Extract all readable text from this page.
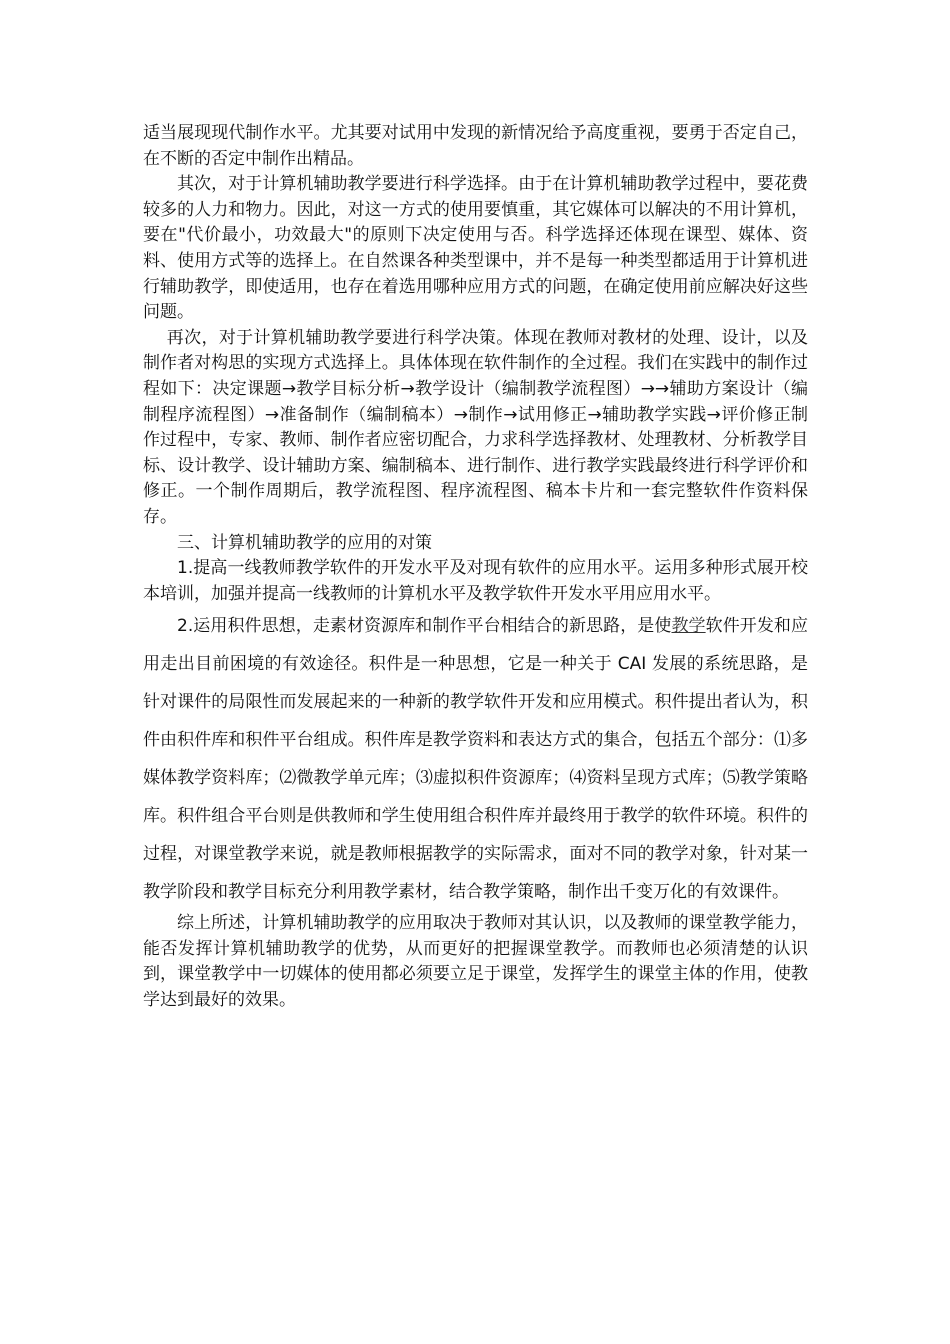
适当展现现代制作水平。尤其要对试用中发现的新情况给予高度重视，要勇于否定自己，在不断的否定中制作出精品。

其次，对于计算机辅助教学要进行科学选择。由于在计算机辅助教学过程中，要花费较多的人力和物力。因此，对这一方式的使用要慎重，其它媒体可以解决的不用计算机，要在"代价最小，功效最大"的原则下决定使用与否。科学选择还体现在课型、媒体、资料、使用方式等的选择上。在自然课各种类型课中，并不是每一种类型都适用于计算机进行辅助教学，即使适用，也存在着选用哪种应用方式的问题，在确定使用前应解决好这些问题。

再次，对于计算机辅助教学要进行科学决策。体现在教师对教材的处理、设计，以及制作者对构思的实现方式选择上。具体体现在软件制作的全过程。我们在实践中的制作过程如下：决定课题→教学目标分析→教学设计（编制教学流程图）→→辅助方案设计（编制程序流程图）→准备制作（编制稿本）→制作→试用修正→辅助教学实践→评价修正制作过程中，专家、教师、制作者应密切配合，力求科学选择教材、处理教材、分析教学目标、设计教学、设计辅助方案、编制稿本、进行制作、进行教学实践最终进行科学评价和修正。一个制作周期后，教学流程图、程序流程图、稿本卡片和一套完整软件作资料保存。

三、计算机辅助教学的应用的对策

1.提高一线教师教学软件的开发水平及对现有软件的应用水平。运用多种形式展开校本培训，加强并提高一线教师的计算机水平及教学软件开发水平用应用水平。

2.运用积件思想，走素材资源库和制作平台相结合的新思路，是使教学软件开发和应用走出目前困境的有效途径。积件是一种思想，它是一种关于 CAI 发展的系统思路，是针对课件的局限性而发展起来的一种新的教学软件开发和应用模式。积件提出者认为，积件由积件库和积件平台组成。积件库是教学资料和表达方式的集合，包括五个部分：⑴多媒体教学资料库；⑵微教学单元库；⑶虚拟积件资源库；⑷资料呈现方式库；⑸教学策略库。积件组合平台则是供教师和学生使用组合积件库并最终用于教学的软件环境。积件的过程，对课堂教学来说，就是教师根据教学的实际需求，面对不同的教学对象，针对某一教学阶段和教学目标充分利用教学素材，结合教学策略，制作出千变万化的有效课件。

综上所述，计算机辅助教学的应用取决于教师对其认识，以及教师的课堂教学能力，能否发挥计算机辅助教学的优势，从而更好的把握课堂教学。而教师也必须清楚的认识到，课堂教学中一切媒体的使用都必须要立足于课堂，发挥学生的课堂主体的作用，使教学达到最好的效果。
